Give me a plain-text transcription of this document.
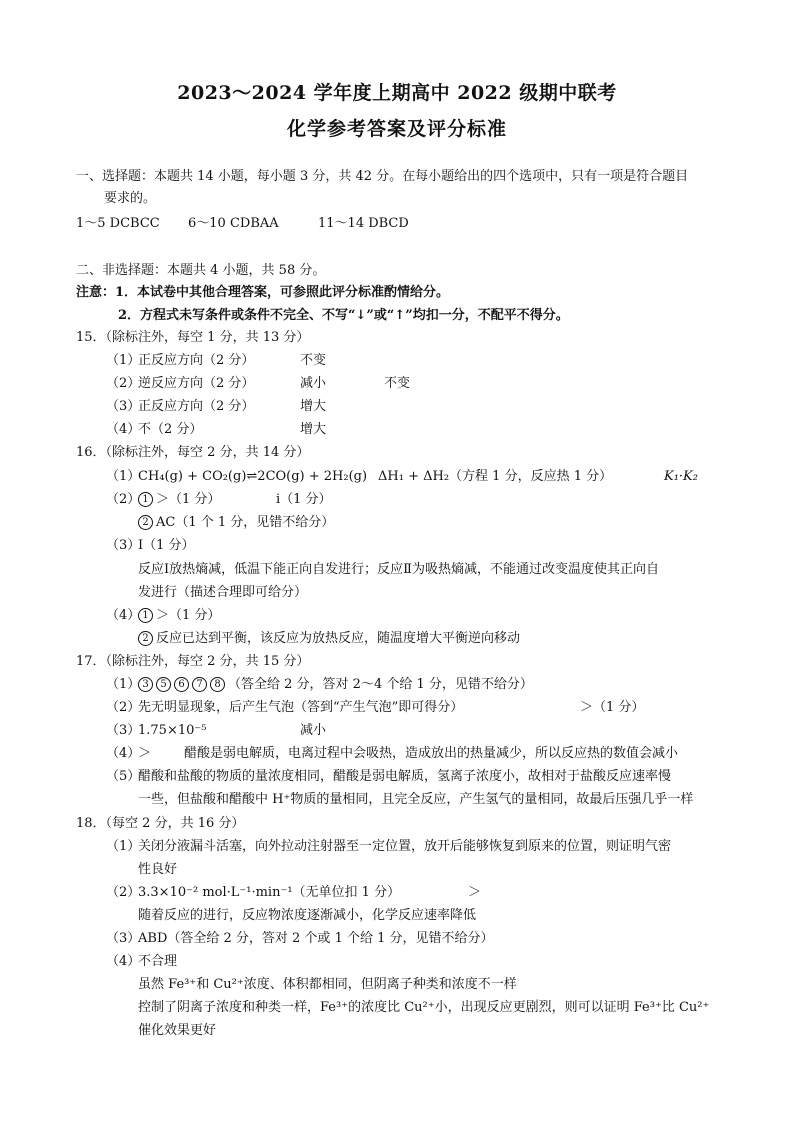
2023～2024 学年度上期高中 2022 级期中联考
化学参考答案及评分标准
一、选择题：本题共 14 小题，每小题 3 分，共 42 分。在每小题给出的四个选项中，只有一项是符合题目
要求的。
1～5 DCBCC 6～10 CDBAA	11～14 DBCD
二、非选择题：本题共 4 小题，共 58 分。
注意：1．本试卷中其他合理答案，可参照此评分标准酌情给分。
2．方程式未写条件或条件不完全、不写“↓”或“↑”均扣一分，不配平不得分。
15．（除标注外，每空 1 分，共 13 分）
（1）
正反应方向（2 分）	不变
（2）
逆反应方向（2 分）	减小	不变
（3）
正反应方向（2 分）	增大
（4）
不（2 分）	增大
16．（除标注外，每空 2 分，共 14 分）
（1）
CH₄(g) + CO₂(g)⇌2CO(g) + 2H₂(g) ΔH₁ + ΔH₂（方程 1 分，反应热 1 分）	K₁·K₂
（2） 1 ＞（1 分）	ⅰ（1 分）
2 AC（1 个 1 分，见错不给分）
（3）
Ⅰ（1 分）
反应Ⅰ放热熵减，低温下能正向自发进行；反应Ⅱ为吸热熵减，不能通过改变温度使其正向自
发进行（描述合理即可给分）
（4） 1 ＞（1 分）
2 反应已达到平衡，该反应为放热反应，随温度增大平衡逆向移动
17．（除标注外，每空 2 分，共 15 分）
（1） 3 5 6 7 8 （答全给 2 分，答对 2～4 个给 1 分，见错不给分）
（2）
先无明显现象，后产生气泡（答到“产生气泡”即可得分）	＞（1 分）
（3）
1.75×10⁻⁵	减小
（4）
＞	醋酸是弱电解质，电离过程中会吸热，造成放出的热量减少，所以反应热的数值会减小
（5）
醋酸和盐酸的物质的量浓度相同，醋酸是弱电解质，氢离子浓度小，故相对于盐酸反应速率慢
一些，但盐酸和醋酸中 H⁺物质的量相同，且完全反应，产生氢气的量相同，故最后压强几乎一样
18．（每空 2 分，共 16 分）
（1）
关闭分液漏斗活塞，向外拉动注射器至一定位置，放开后能够恢复到原来的位置，则证明气密
性良好
（2）
3.3×10⁻² mol·L⁻¹·min⁻¹（无单位扣 1 分）	＞
随着反应的进行，反应物浓度逐渐减小，化学反应速率降低
（3）
ABD（答全给 2 分，答对 2 个或 1 个给 1 分，见错不给分）
（4）
不合理
虽然 Fe³⁺和 Cu²⁺浓度、体积都相同，但阴离子种类和浓度不一样
控制了阴离子浓度和种类一样，Fe³⁺的浓度比 Cu²⁺小，出现反应更剧烈，则可以证明 Fe³⁺比 Cu²⁺
催化效果更好
